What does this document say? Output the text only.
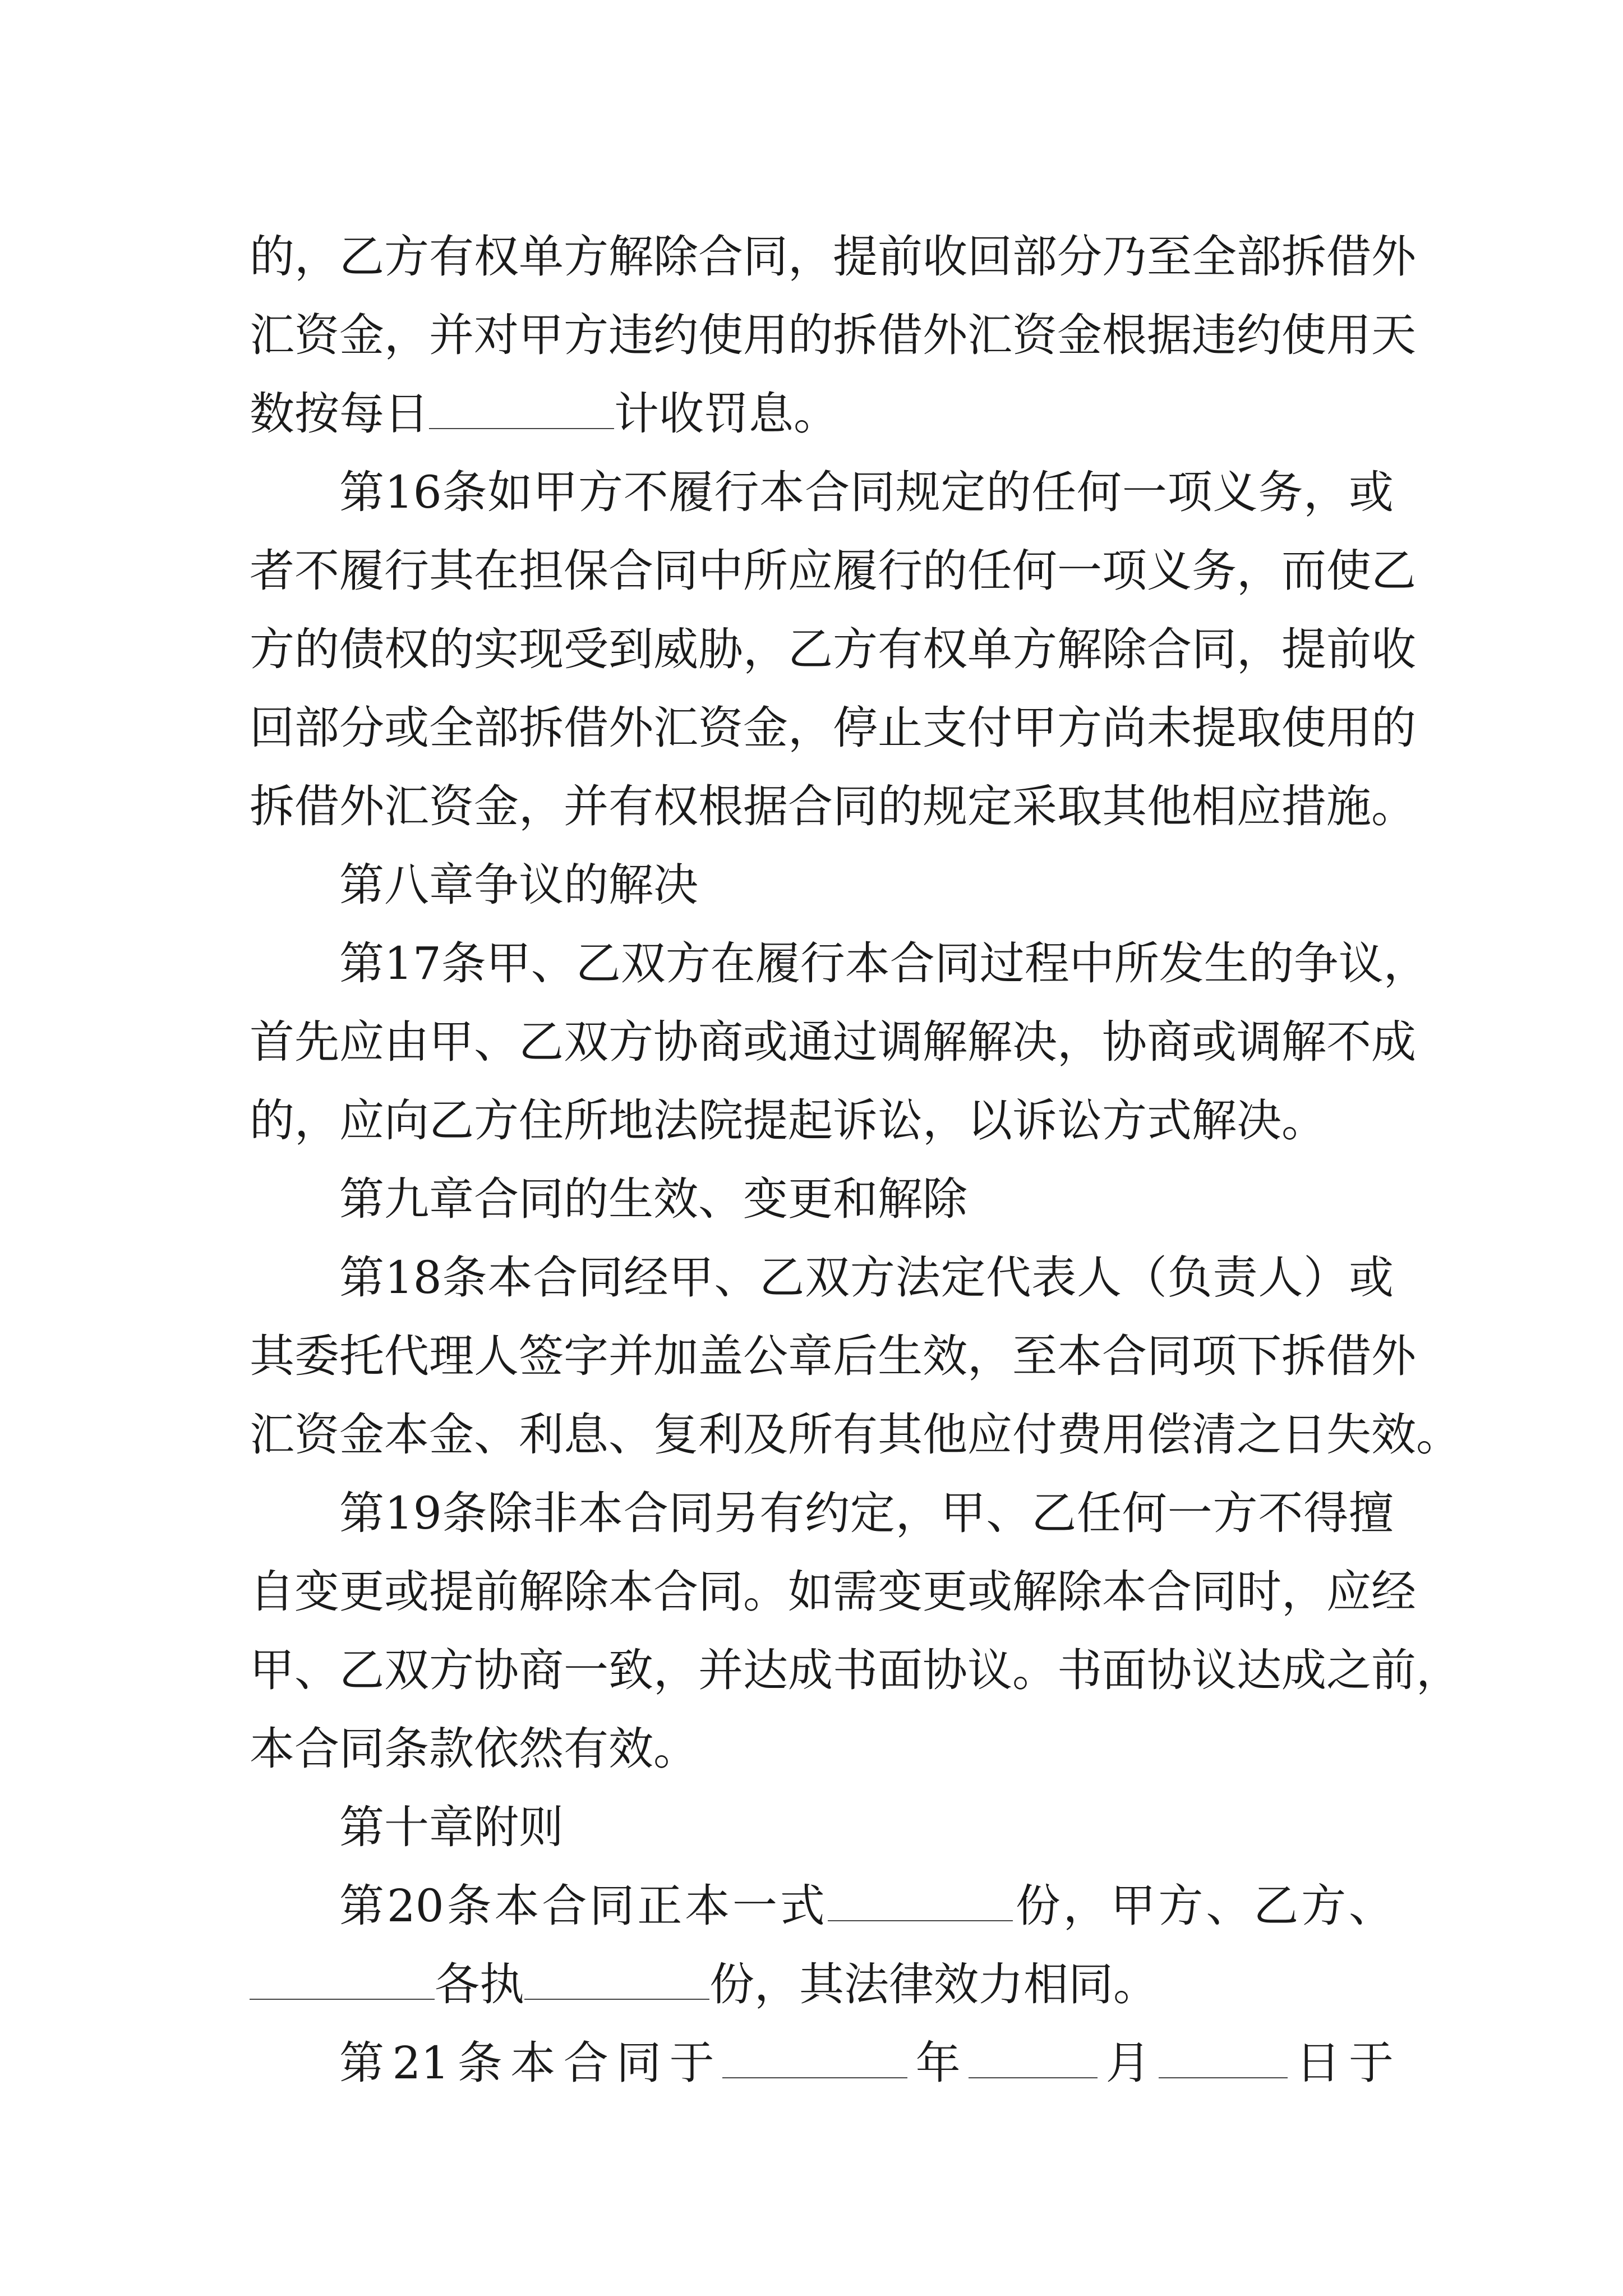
的，乙方有权单方解除合同，提前收回部分乃至全部拆借外
汇资金，并对甲方违约使用的拆借外汇资金根据违约使用天
数按每日	计收罚息。
第16条如甲方不履行本合同规定的任何一项义务，或
者不履行其在担保合同中所应履行的任何一项义务，而使乙
方的债权的实现受到威胁，乙方有权单方解除合同，提前收
回部分或全部拆借外汇资金，停止支付甲方尚未提取使用的
拆借外汇资金，并有权根据合同的规定采取其他相应措施。
第八章争议的解决
第17条甲、乙双方在履行本合同过程中所发生的争议，
首先应由甲、乙双方协商或通过调解解决，协商或调解不成
的，应向乙方住所地法院提起诉讼，以诉讼方式解决。
第九章合同的生效、变更和解除
第18条本合同经甲、乙双方法定代表人（负责人）或
其委托代理人签字并加盖公章后生效，至本合同项下拆借外
汇资金本金、利息、复利及所有其他应付费用偿清之日失效。
第19条除非本合同另有约定，甲、乙任何一方不得擅
自变更或提前解除本合同。如需变更或解除本合同时，应经
甲、乙双方协商一致，并达成书面协议。书面协议达成之前，
本合同条款依然有效。
第十章附则
第20条本合同正本一式	份，甲方、乙方、
各执	份，其法律效力相同。
第21条本合同于	年	月	日于
